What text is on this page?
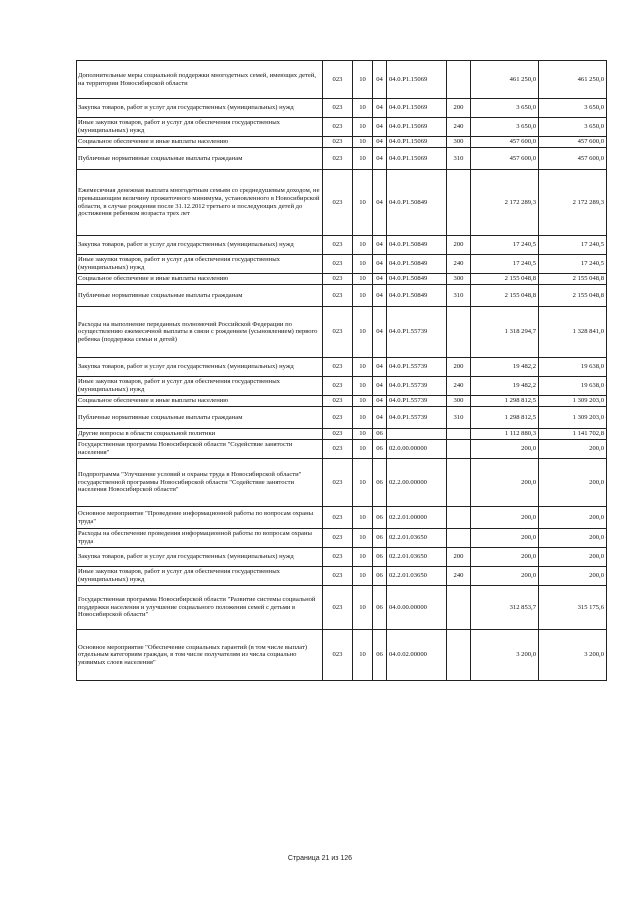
Дополнительные меры социальной поддержки многодетных семей, имеющих детей, на территории Новосибирской области	023	10	04	04.0.Р1.15069		461 250,0	461 250,0
Закупка товаров, работ и услуг для государственных (муниципальных) нужд	023	10	04	04.0.Р1.15069	200	3 650,0	3 650,0
Иные закупки товаров, работ и услуг для обеспечения государственных (муниципальных) нужд	023	10	04	04.0.Р1.15069	240	3 650,0	3 650,0
Социальное обеспечение и иные выплаты населению	023	10	04	04.0.Р1.15069	300	457 600,0	457 600,0
Публичные нормативные социальные выплаты гражданам	023	10	04	04.0.Р1.15069	310	457 600,0	457 600,0
Ежемесячная денежная выплата многодетным семьям со среднедушевым доходом, не превышающим величину прожиточного минимума, установленного в Новосибирской области, в случае рождения после 31.12.2012 третьего и последующих детей до достижения ребенком возраста трех лет	023	10	04	04.0.Р1.50849		2 172 289,3	2 172 289,3
Закупка товаров, работ и услуг для государственных (муниципальных) нужд	023	10	04	04.0.Р1.50849	200	17 240,5	17 240,5
Иные закупки товаров, работ и услуг для обеспечения государственных (муниципальных) нужд	023	10	04	04.0.Р1.50849	240	17 240,5	17 240,5
Социальное обеспечение и иные выплаты населению	023	10	04	04.0.Р1.50849	300	2 155 048,8	2 155 048,8
Публичные нормативные социальные выплаты гражданам	023	10	04	04.0.Р1.50849	310	2 155 048,8	2 155 048,8
Расходы на выполнение переданных полномочий Российской Федерации по осуществлению ежемесячной выплаты в связи с рождением (усыновлением) первого ребенка (поддержка семьи и детей)	023	10	04	04.0.Р1.55739		1 318 294,7	1 328 841,0
Закупка товаров, работ и услуг для государственных (муниципальных) нужд	023	10	04	04.0.Р1.55739	200	19 482,2	19 638,0
Иные закупки товаров, работ и услуг для обеспечения государственных (муниципальных) нужд	023	10	04	04.0.Р1.55739	240	19 482,2	19 638,0
Социальное обеспечение и иные выплаты населению	023	10	04	04.0.Р1.55739	300	1 298 812,5	1 309 203,0
Публичные нормативные социальные выплаты гражданам	023	10	04	04.0.Р1.55739	310	1 298 812,5	1 309 203,0
Другие вопросы в области социальной политики	023	10	06			1 112 880,3	1 141 702,8
Государственная программа Новосибирской области "Содействие занятости населения"	023	10	06	02.0.00.00000		200,0	200,0
Подпрограмма "Улучшение условий и охраны труда в Новосибирской области" государственной программы Новосибирской области "Содействие занятости населения Новосибирской области"	023	10	06	02.2.00.00000		200,0	200,0
Основное мероприятие "Проведение информационной работы по вопросам охраны труда"	023	10	06	02.2.01.00000		200,0	200,0
Расходы на обеспечение проведения информационной работы по вопросам охраны труда	023	10	06	02.2.01.03650		200,0	200,0
Закупка товаров, работ и услуг для государственных (муниципальных) нужд	023	10	06	02.2.01.03650	200	200,0	200,0
Иные закупки товаров, работ и услуг для обеспечения государственных (муниципальных) нужд	023	10	06	02.2.01.03650	240	200,0	200,0
Государственная программа Новосибирской области "Развитие системы социальной поддержки населения и улучшение социального положения семей с детьми в Новосибирской области"	023	10	06	04.0.00.00000		312 853,7	315 175,6
Основное мероприятие "Обеспечение социальных гарантий (в том числе выплат) отдельным категориям граждан, в том числе получателям из числа социально уязвимых слоев населения"	023	10	06	04.0.02.00000		3 200,0	3 200,0
Страница 21 из 126
